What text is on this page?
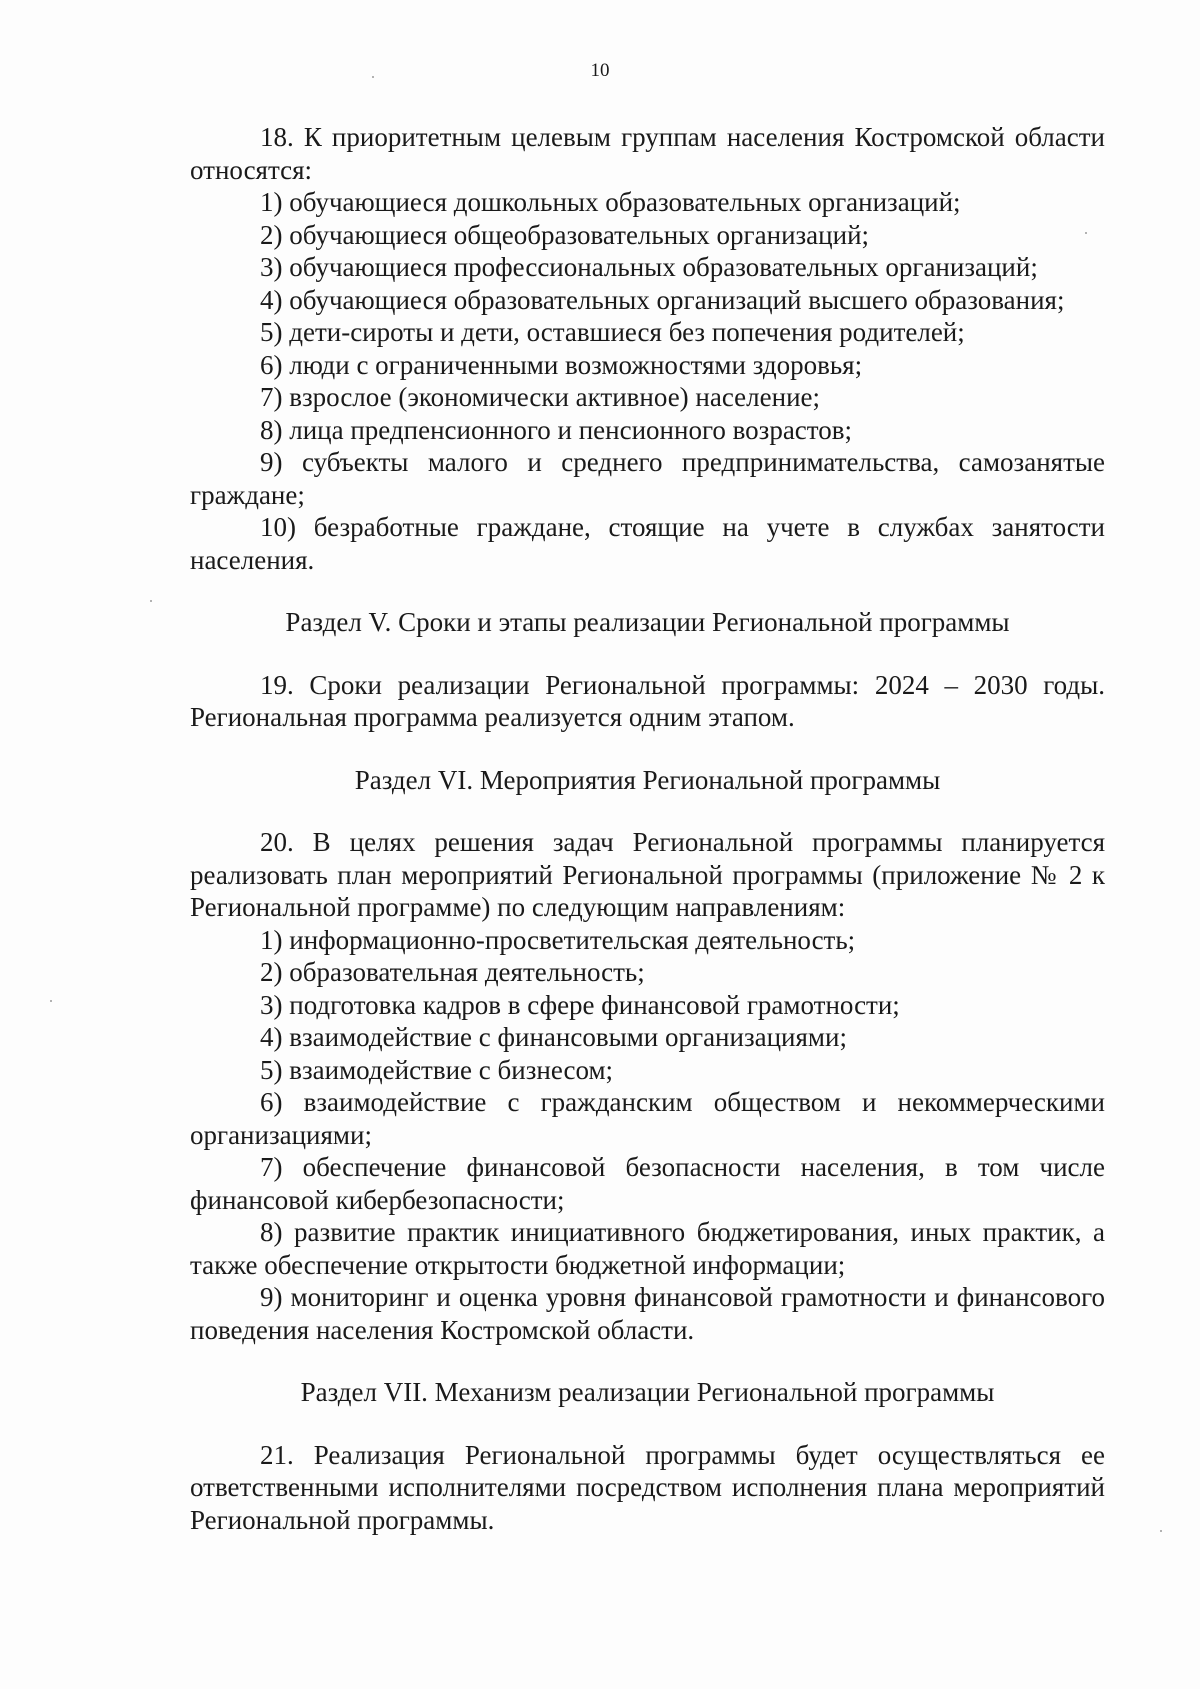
10

18. К приоритетным целевым группам населения Костромской области относятся:

1) обучающиеся дошкольных образовательных организаций;

2) обучающиеся общеобразовательных организаций;

3) обучающиеся профессиональных образовательных организаций;

4) обучающиеся образовательных организаций высшего образования;

5) дети-сироты и дети, оставшиеся без попечения родителей;

6) люди с ограниченными возможностями здоровья;

7) взрослое (экономически активное) население;

8) лица предпенсионного и пенсионного возрастов;

9) субъекты малого и среднего предпринимательства, самозанятые граждане;

10) безработные граждане, стоящие на учете в службах занятости населения.

Раздел V. Сроки и этапы реализации Региональной программы

19. Сроки реализации Региональной программы: 2024 – 2030 годы. Региональная программа реализуется одним этапом.

Раздел VI. Мероприятия Региональной программы

20. В целях решения задач Региональной программы планируется реализовать план мероприятий Региональной программы (приложение № 2 к Региональной программе) по следующим направлениям:

1) информационно-просветительская деятельность;

2) образовательная деятельность;

3) подготовка кадров в сфере финансовой грамотности;

4) взаимодействие с финансовыми организациями;

5) взаимодействие с бизнесом;

6) взаимодействие с гражданским обществом и некоммерческими организациями;

7) обеспечение финансовой безопасности населения, в том числе финансовой кибербезопасности;

8) развитие практик инициативного бюджетирования, иных практик, а также обеспечение открытости бюджетной информации;

9) мониторинг и оценка уровня финансовой грамотности и финансового поведения населения Костромской области.

Раздел VII. Механизм реализации Региональной программы

21. Реализация Региональной программы будет осуществляться ее ответственными исполнителями посредством исполнения плана мероприятий Региональной программы.
